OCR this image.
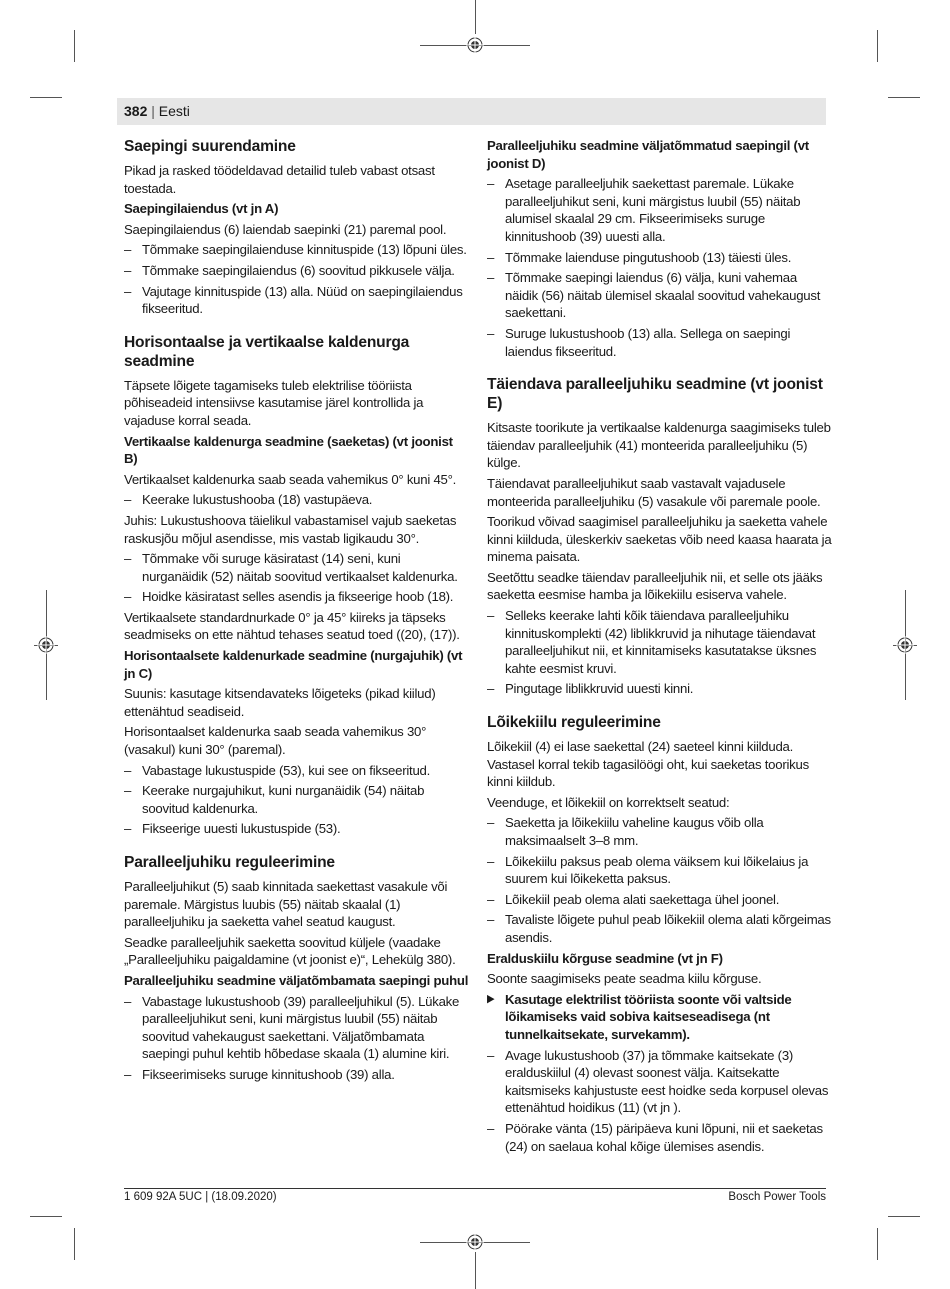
382 | Eesti
Saepingi suurendamine

Pikad ja rasked töödeldavad detailid tuleb vabast otsast toestada.

Saepingilaiendus (vt jn A)

Saepingilaiendus (6) laiendab saepinki (21) paremal pool.

– Tõmmake saepingilaienduse kinnituspide (13) lõpuni üles.
– Tõmmake saepingilaiendus (6) soovitud pikkusele välja.
– Vajutage kinnituspide (13) alla. Nüüd on saepingilaiendus fikseeritud.
Horisontaalse ja vertikaalse kaldenurga seadmine

Täpsete lõigete tagamiseks tuleb elektrilise tööriista põhiseadeid intensiivse kasutamise järel kontrollida ja vajaduse korral seada.

Vertikaalse kaldenurga seadmine (saeketas) (vt joonist B)

Vertikaalset kaldenurka saab seada vahemikus 0° kuni 45°.

– Keerake lukustushooba (18) vastupäeva.

Juhis: Lukustushoova täielikul vabastamisel vajub saeketas raskusjõu mõjul asendisse, mis vastab ligikaudu 30°.

– Tõmmake või suruge käsiratast (14) seni, kuni nurganäidik (52) näitab soovitud vertikaalset kaldenurka.
– Hoidke käsiratast selles asendis ja fikseerige hoob (18).

Vertikaalsete standardnurkade 0° ja 45° kiireks ja täpseks seadmiseks on ette nähtud tehases seatud toed ((20), (17)).

Horisontaalsete kaldenurkade seadmine (nurgajuhik) (vt jn C)

Suunis: kasutage kitsendavateks lõigeteks (pikad kiilud) ettenähtud seadiseid.

Horisontaalset kaldenurka saab seada vahemikus 30° (vasakul) kuni 30° (paremal).

– Vabastage lukustuspide (53), kui see on fikseeritud.
– Keerake nurgajuhikut, kuni nurganäidik (54) näitab soovitud kaldenurka.
– Fikseerige uuesti lukustuspide (53).
Paralleeljuhiku reguleerimine

Paralleeljuhikut (5) saab kinnitada saekettast vasakule või paremale. Märgistus luubis (55) näitab skaalal (1) paralleeljuhiku ja saeketta vahel seatud kaugust.

Seadke paralleeljuhik saeketta soovitud küljele (vaadake „Paralleeljuhiku paigaldamine (vt joonist e)“, Lehekülg 380).

Paralleeljuhiku seadmine väljatõmbamata saepingi puhul
– Vabastage lukustushoob (39) paralleeljuhikul (5). Lükake paralleeljuhikut seni, kuni märgistus luubil (55) näitab soovitud vahekaugust saekettani. Väljatõmbamata saepingi puhul kehtib hõbedase skaala (1) alumine kiri.
– Fikseerimiseks suruge kinnitushoob (39) alla.
Paralleeljuhiku seadmine väljatõmmatud saepingil (vt joonist D)
– Asetage paralleeljuhik saekettast paremale. Lükake paralleeljuhikut seni, kuni märgistus luubil (55) näitab alumisel skaalal 29 cm. Fikseerimiseks suruge kinnitushoob (39) uuesti alla.
– Tõmmake laienduse pingutushoob (13) täiesti üles.
– Tõmmake saepingi laiendus (6) välja, kuni vahemaa näidik (56) näitab ülemisel skaalal soovitud vahekaugust saekettani.
– Suruge lukustushoob (13) alla. Sellega on saepingi laiendus fikseeritud.
Täiendava paralleeljuhiku seadmine (vt joonist E)

Kitsaste toorikute ja vertikaalse kaldenurga saagimiseks tuleb täiendav paralleeljuhik (41) monteerida paralleeljuhiku (5) külge.

Täiendavat paralleeljuhikut saab vastavalt vajadusele monteerida paralleeljuhiku (5) vasakule või paremale poole.

Toorikud võivad saagimisel paralleeljuhiku ja saeketta vahele kinni kiilduda, üleskerkiv saeketas võib need kaasa haarata ja minema paisata.

Seetõttu seadke täiendav paralleeljuhik nii, et selle ots jääks saeketta eesmise hamba ja lõikekiilu esiserva vahele.

– Selleks keerake lahti kõik täiendava paralleeljuhiku kinnituskomplekti (42) liblikkruvid ja nihutage täiendavat paralleeljuhikut nii, et kinnitamiseks kasutatakse üksnes kahte eesmist kruvi.
– Pingutage liblikkruvid uuesti kinni.
Lõikekiilu reguleerimine

Lõikekiil (4) ei lase saekettal (24) saeteel kinni kiilduda. Vastasel korral tekib tagasilöögi oht, kui saeketas toorikus kinni kiildub.

Veenduge, et lõikekiil on korrektselt seatud:

– Saeketta ja lõikekiilu vaheline kaugus võib olla maksimaalselt 3–8 mm.
– Lõikekiilu paksus peab olema väiksem kui lõikelaius ja suurem kui lõikeketta paksus.
– Lõikekiil peab olema alati saekettaga ühel joonel.
– Tavaliste lõigete puhul peab lõikekiil olema alati kõrgeimas asendis.
Eralduskiilu kõrguse seadmine (vt jn F)

Soonte saagimiseks peate seadma kiilu kõrguse.

▶ Kasutage elektrilist tööriista soonte või valtside lõikamiseks vaid sobiva kaitseseadisega (nt tunnelkaitsekate, survekamm).
– Avage lukustushoob (37) ja tõmmake kaitsekate (3) eralduskiilul (4) olevast soonest välja. Kaitsekatte kaitsmiseks kahjustuste eest hoidke seda korpusel olevas ettenähtud hoidikus (11) (vt jn ).
– Pöörake vänta (15) päripäeva kuni lõpuni, nii et saeketas (24) on saelaua kohal kõige ülemises asendis.
1 609 92A 5UC | (18.09.2020)	Bosch Power Tools
